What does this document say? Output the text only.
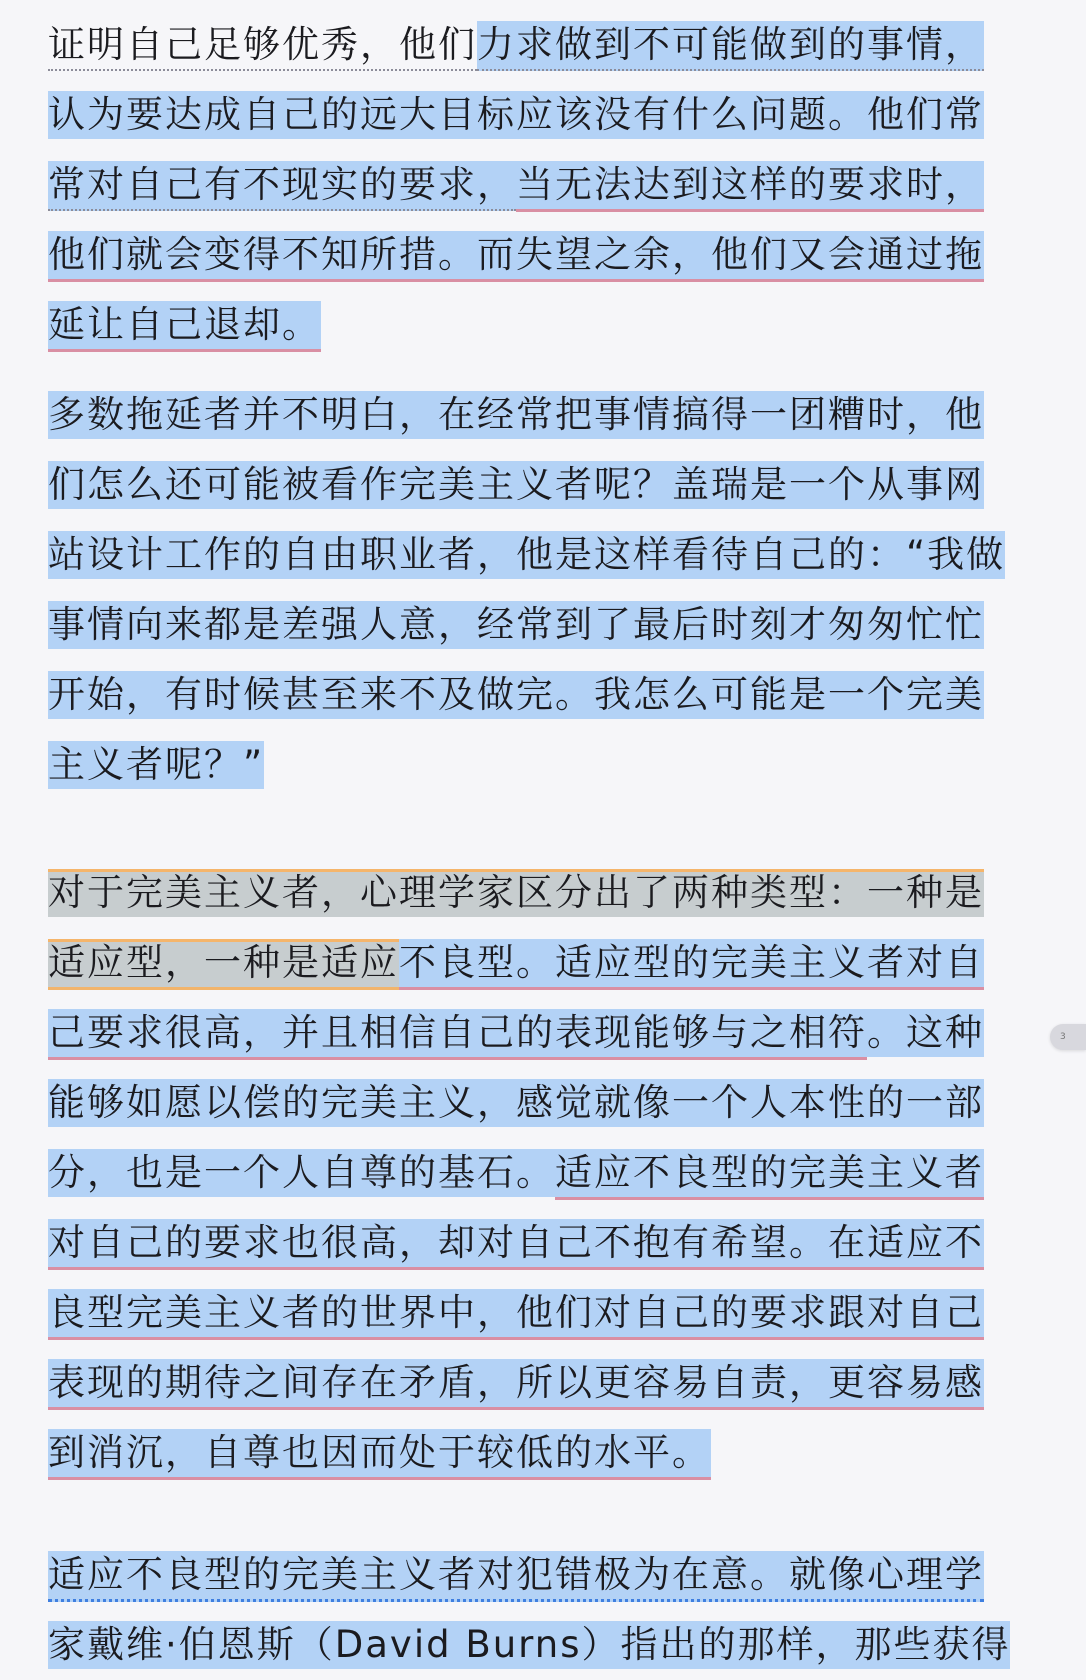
证明自己足够优秀，他们力求做到不可能做到的事情，
认为要达成自己的远大目标应该没有什么问题。他们常
常对自己有不现实的要求，当无法达到这样的要求时，
他们就会变得不知所措。而失望之余，他们又会通过拖
延让自己退却。
多数拖延者并不明白，在经常把事情搞得一团糟时，他
们怎么还可能被看作完美主义者呢？盖瑞是一个从事网
站设计工作的自由职业者，他是这样看待自己的：“我做
事情向来都是差强人意，经常到了最后时刻才匆匆忙忙
开始，有时候甚至来不及做完。我怎么可能是一个完美
主义者呢？”
对于完美主义者，心理学家区分出了两种类型：一种是
适应型，一种是适应不良型。适应型的完美主义者对自
己要求很高，并且相信自己的表现能够与之相符。这种
能够如愿以偿的完美主义，感觉就像一个人本性的一部
分，也是一个人自尊的基石。适应不良型的完美主义者
对自己的要求也很高，却对自己不抱有希望。在适应不
良型完美主义者的世界中，他们对自己的要求跟对自己
表现的期待之间存在矛盾，所以更容易自责，更容易感
到消沉，自尊也因而处于较低的水平。
适应不良型的完美主义者对犯错极为在意。就像心理学
家戴维·伯恩斯（David Burns）指出的那样，那些获得
3
